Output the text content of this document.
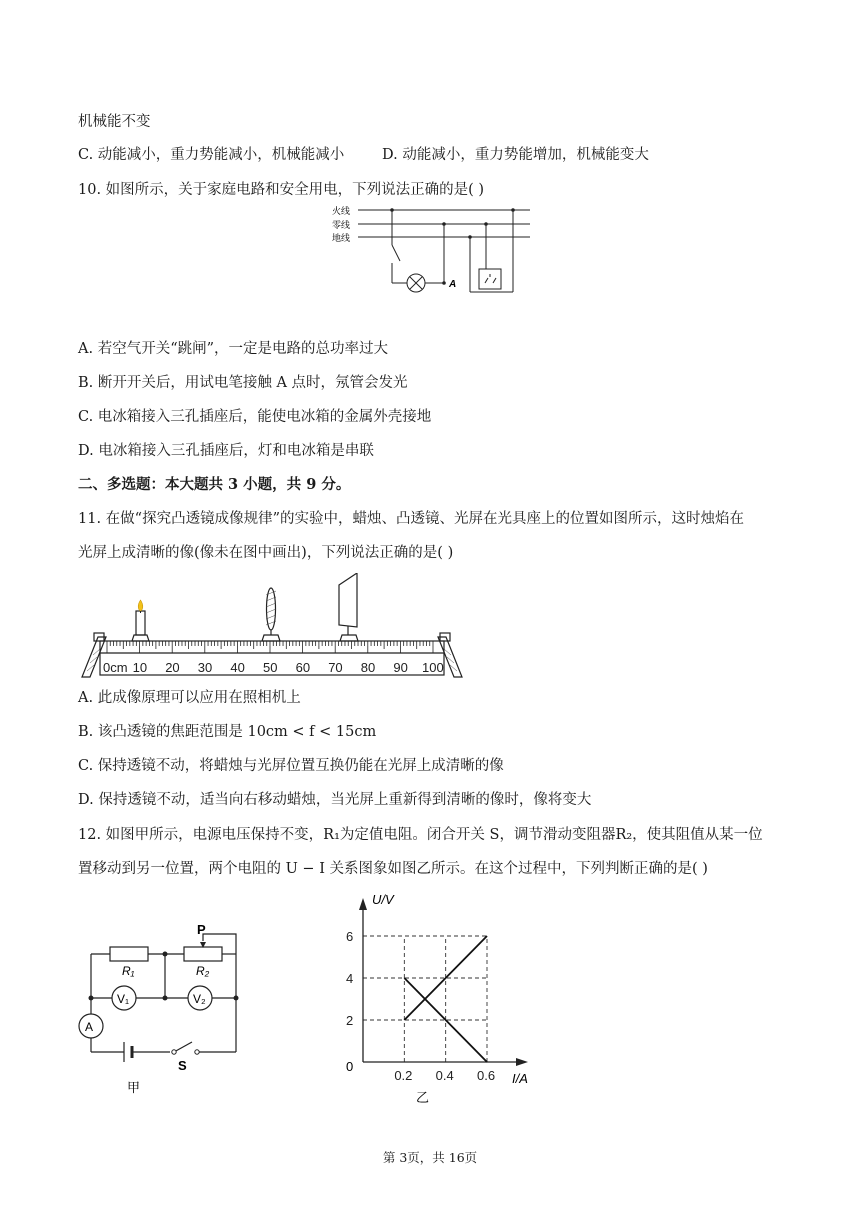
机械能不变
C. 动能减小，重力势能减小，机械能减小	D. 动能减小，重力势能增加，机械能变大
10. 如图所示，关于家庭电路和安全用电，下列说法正确的是( )
火线
零线
地线
A
A. 若空气开关“跳闸”，一定是电路的总功率过大
B. 断开开关后，用试电笔接触 A 点时，氖管会发光
C. 电冰箱接入三孔插座后，能使电冰箱的金属外壳接地
D. 电冰箱接入三孔插座后，灯和电冰箱是串联
二、多选题：本大题共 3 小题，共 9 分。
11. 在做“探究凸透镜成像规律”的实验中，蜡烛、凸透镜、光屏在光具座上的位置如图所示，这时烛焰在
光屏上成清晰的像(像未在图中画出)，下列说法正确的是( )
0cm 10 20 30 40 50 60 70 80 90 100
A. 此成像原理可以应用在照相机上
B. 该凸透镜的焦距范围是 10cm < f < 15cm
C. 保持透镜不动，将蜡烛与光屏位置互换仍能在光屏上成清晰的像
D. 保持透镜不动，适当向右移动蜡烛，当光屏上重新得到清晰的像时，像将变大
12. 如图甲所示，电源电压保持不变，R₁为定值电阻。闭合开关 S，调节滑动变阻器R₂，使其阻值从某一位
置移动到另一位置，两个电阻的 U − I 关系图象如图乙所示。在这个过程中，下列判断正确的是( )
P
R₁	R₂
V₁	V₂
A
S
甲
2
4
6
0.2 0.4 0.6
U/V
I/A
0
乙
第 3页，共 16页
